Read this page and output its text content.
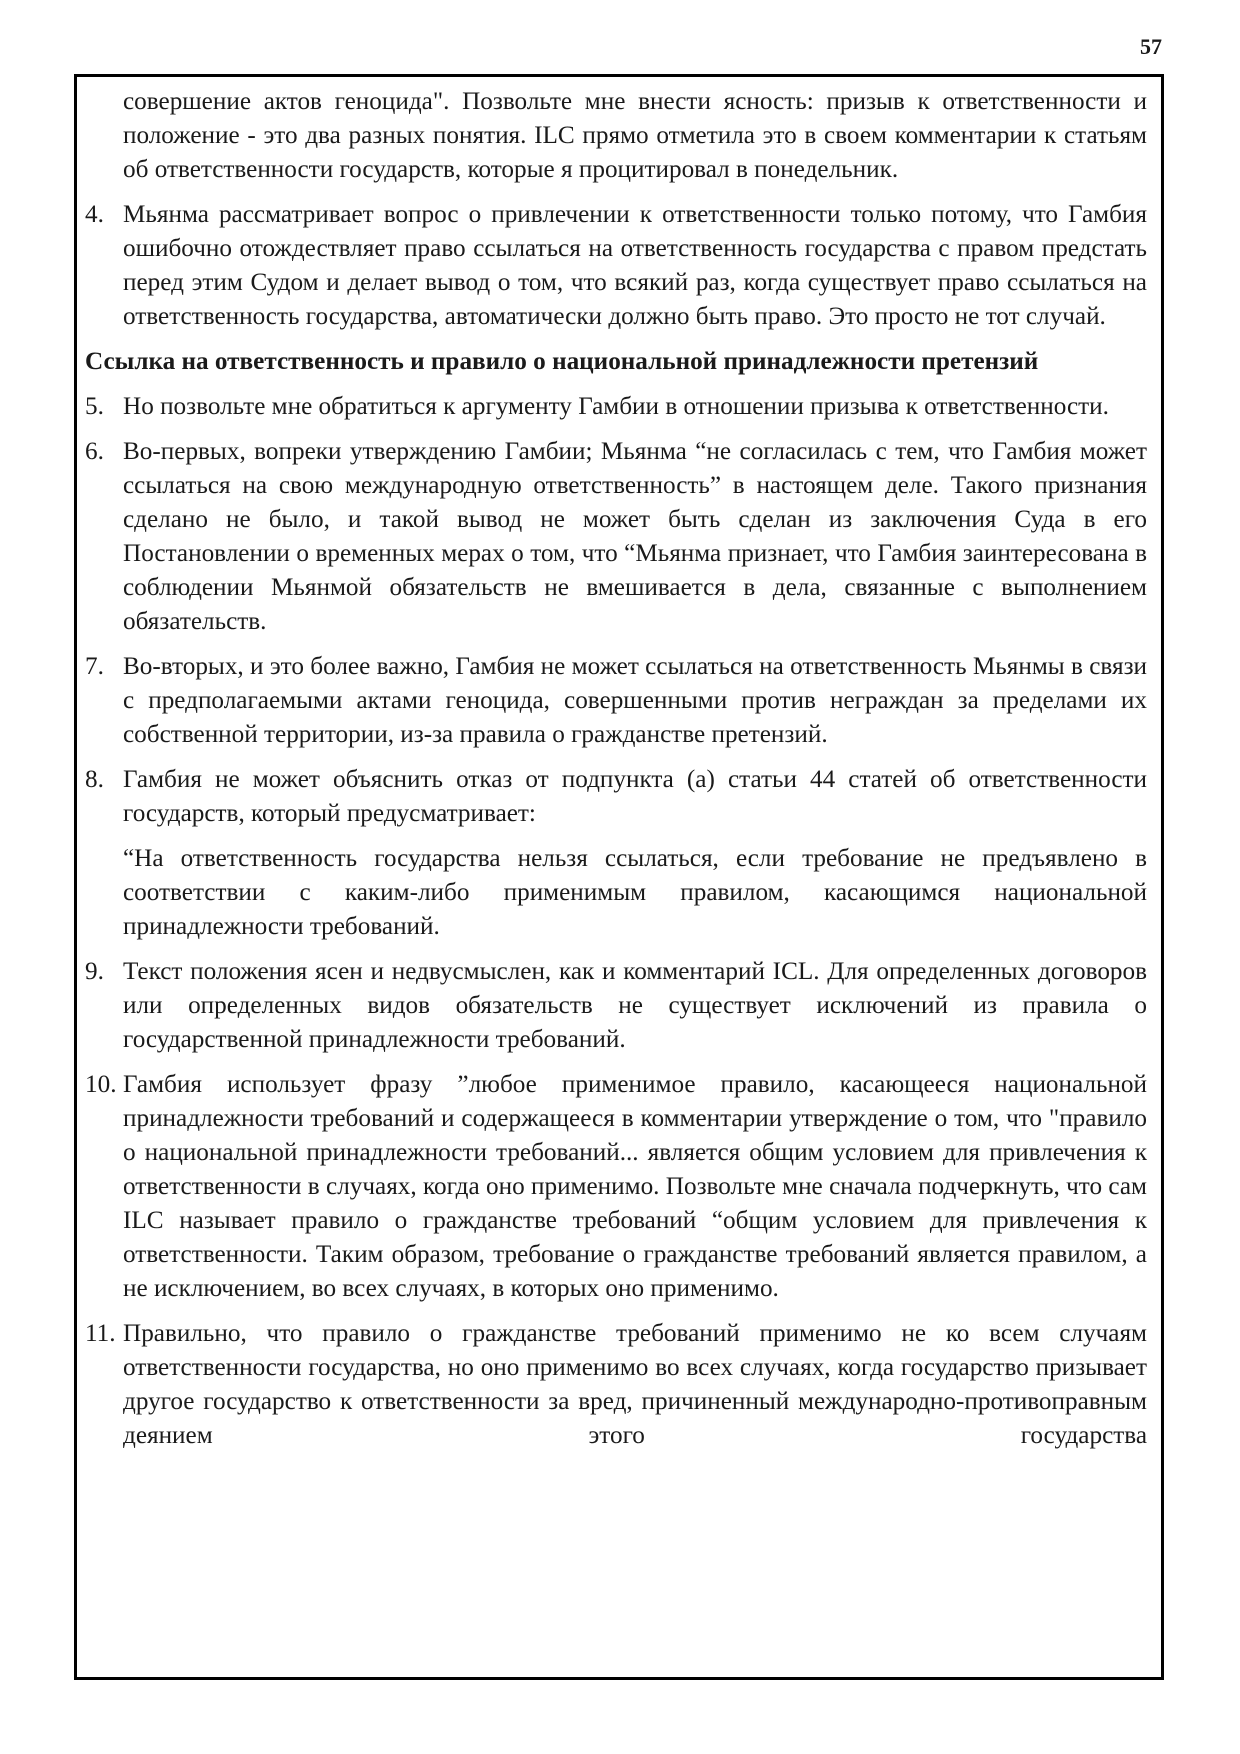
57
совершение актов геноцида". Позвольте мне внести ясность: призыв к ответственности и положение - это два разных понятия. ILC прямо отметила это в своем комментарии к статьям об ответственности государств, которые я процитировал в понедельник.
4. Мьянма рассматривает вопрос о привлечении к ответственности только потому, что Гамбия ошибочно отождествляет право ссылаться на ответственность государства с правом предстать перед этим Судом и делает вывод о том, что всякий раз, когда существует право ссылаться на ответственность государства, автоматически должно быть право. Это просто не тот случай.
Ссылка на ответственность и правило о национальной принадлежности претензий
5. Но позвольте мне обратиться к аргументу Гамбии в отношении призыва к ответственности.
6. Во-первых, вопреки утверждению Гамбии; Мьянма “не согласилась с тем, что Гамбия может ссылаться на свою международную ответственность” в настоящем деле. Такого признания сделано не было, и такой вывод не может быть сделан из заключения Суда в его Постановлении о временных мерах о том, что “Мьянма признает, что Гамбия заинтересована в соблюдении Мьянмой обязательств не вмешивается в дела, связанные с выполнением обязательств.
7. Во-вторых, и это более важно, Гамбия не может ссылаться на ответственность Мьянмы в связи с предполагаемыми актами геноцида, совершенными против неграждан за пределами их собственной территории, из-за правила о гражданстве претензий.
8. Гамбия не может объяснить отказ от подпункта (а) статьи 44 статей об ответственности государств, который предусматривает:
“На ответственность государства нельзя ссылаться, если требование не предъявлено в соответствии с каким-либо применимым правилом, касающимся национальной принадлежности требований.
9. Текст положения ясен и недвусмыслен, как и комментарий ICL. Для определенных договоров или определенных видов обязательств не существует исключений из правила о государственной принадлежности требований.
10. Гамбия использует фразу ”любое применимое правило, касающееся национальной принадлежности требований и содержащееся в комментарии утверждение о том, что "правило о национальной принадлежности требований... является общим условием для привлечения к ответственности в случаях, когда оно применимо. Позвольте мне сначала подчеркнуть, что сам ILC называет правило о гражданстве требований “общим условием для привлечения к ответственности. Таким образом, требование о гражданстве требований является правилом, а не исключением, во всех случаях, в которых оно применимо.
11. Правильно, что правило о гражданстве требований применимо не ко всем случаям ответственности государства, но оно применимо во всех случаях, когда государство призывает другое государство к ответственности за вред, причиненный международно-противоправным деянием этого государства
